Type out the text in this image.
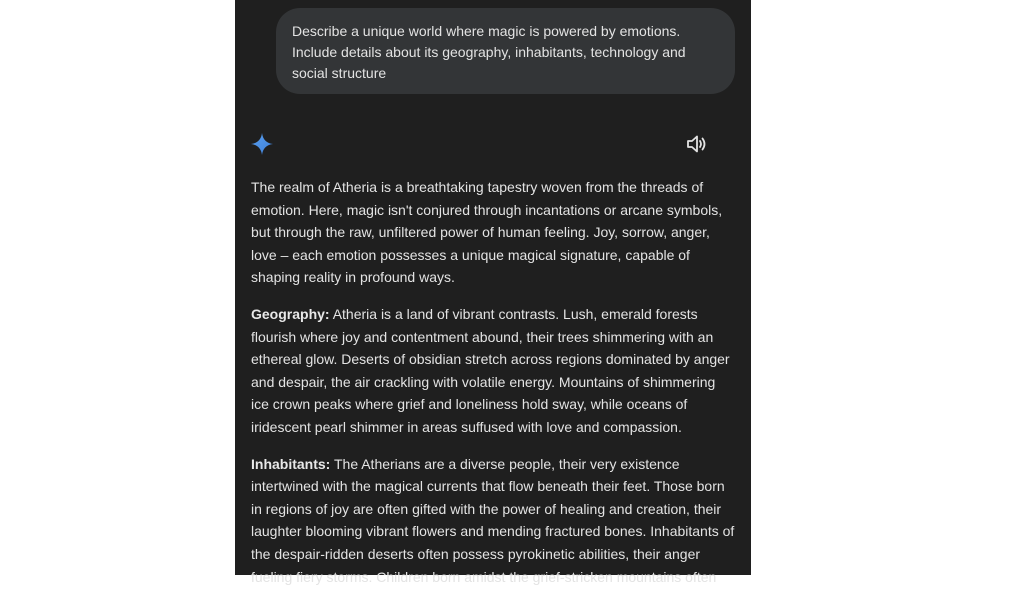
Describe a unique world where magic is powered by emotions. Include details about its geography, inhabitants, technology and social structure

The realm of Atheria is a breathtaking tapestry woven from the threads of emotion. Here, magic isn't conjured through incantations or arcane symbols, but through the raw, unfiltered power of human feeling. Joy, sorrow, anger, love – each emotion possesses a unique magical signature, capable of shaping reality in profound ways.

Geography: Atheria is a land of vibrant contrasts. Lush, emerald forests flourish where joy and contentment abound, their trees shimmering with an ethereal glow. Deserts of obsidian stretch across regions dominated by anger and despair, the air crackling with volatile energy. Mountains of shimmering ice crown peaks where grief and loneliness hold sway, while oceans of iridescent pearl shimmer in areas suffused with love and compassion.

Inhabitants: The Atherians are a diverse people, their very existence intertwined with the magical currents that flow beneath their feet. Those born in regions of joy are often gifted with the power of healing and creation, their laughter blooming vibrant flowers and mending fractured bones. Inhabitants of the despair-ridden deserts often possess pyrokinetic abilities, their anger fueling fiery storms. Children born amidst the grief-stricken mountains often
